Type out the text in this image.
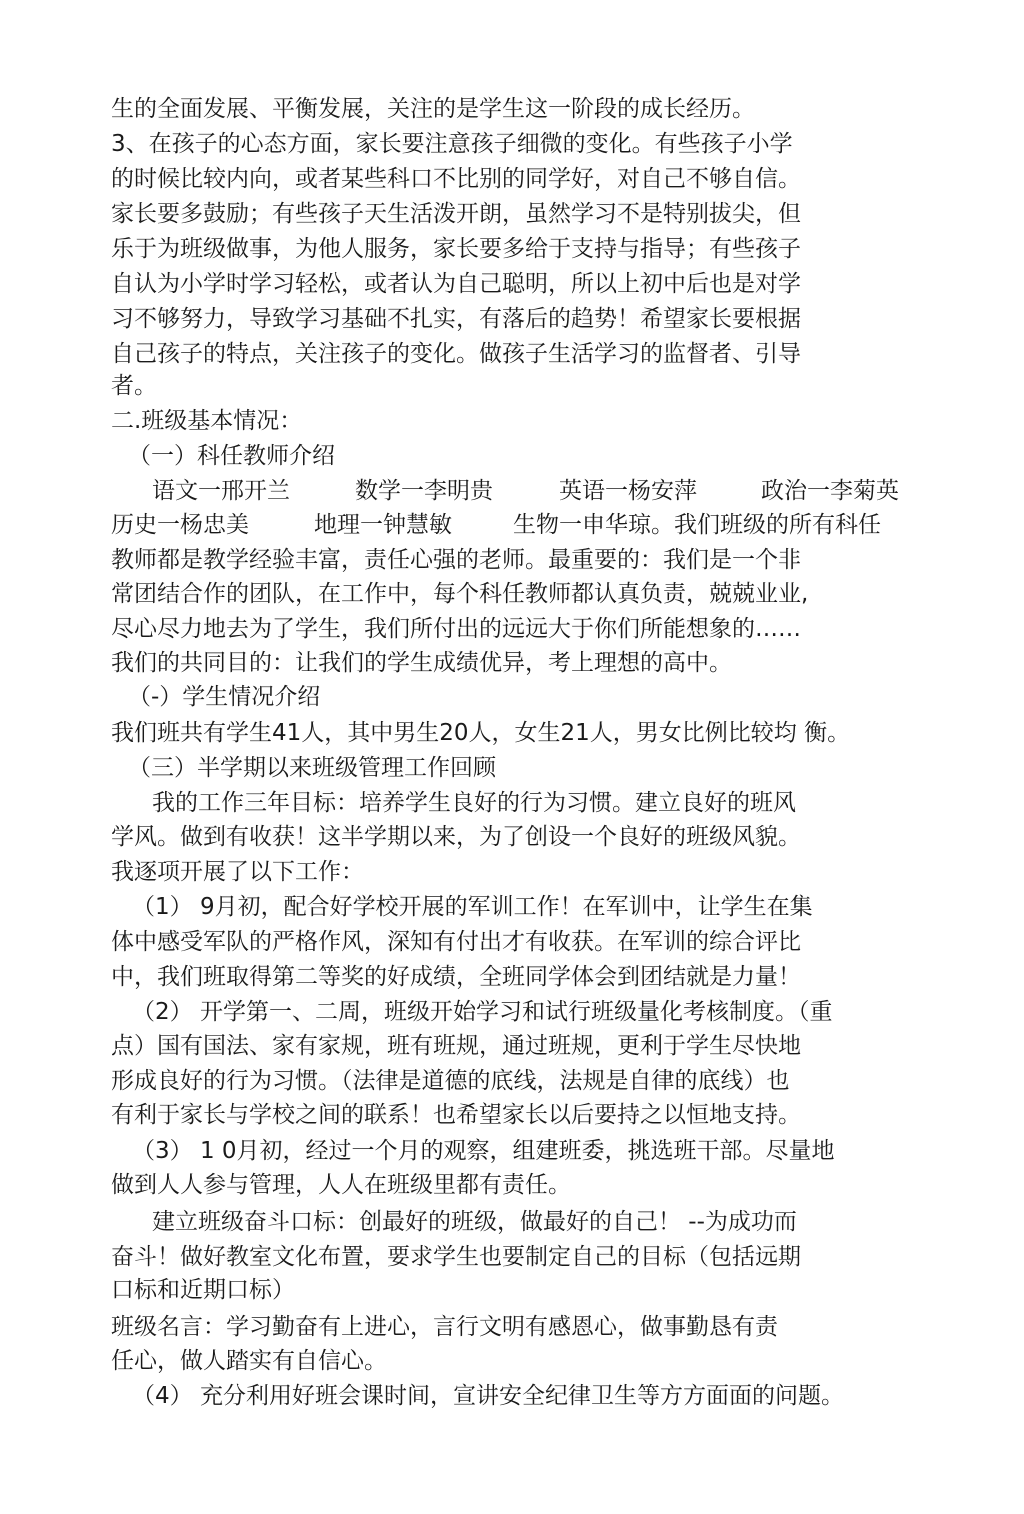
生的全面发展、平衡发展，关注的是学生这一阶段的成长经历。
3、在孩子的心态方面，家长要注意孩子细微的变化。有些孩子小学
的时候比较内向，或者某些科口不比别的同学好，对自己不够自信。
家长要多鼓励；有些孩子天生活泼开朗，虽然学习不是特别拔尖，但
乐于为班级做事，为他人服务，家长要多给于支持与指导；有些孩子
自认为小学时学习轻松，或者认为自己聪明，所以上初中后也是对学
习不够努力，导致学习基础不扎实，有落后的趋势！希望家长要根据
自己孩子的特点，关注孩子的变化。做孩子生活学习的监督者、引导
者。
二.班级基本情况：
（一）科任教师介绍
语文一邢开兰	数学一李明贵	英语一杨安萍	政治一李菊英
历史一杨忠美	地理一钟慧敏	生物一申华琼。我们班级的所有科任
教师都是教学经验丰富，责任心强的老师。最重要的：我们是一个非
常团结合作的团队，在工作中，每个科任教师都认真负责，兢兢业业,
尽心尽力地去为了学生，我们所付出的远远大于你们所能想象的……
我们的共同目的：让我们的学生成绩优异，考上理想的高中。
（-）学生情况介绍
我们班共有学生41人，其中男生20人，女生21人，男女比例比较均 衡。
（三）半学期以来班级管理工作回顾
我的工作三年目标：培养学生良好的行为习惯。建立良好的班风
学风。做到有收获！这半学期以来，为了创设一个良好的班级风貌。
我逐项开展了以下工作：
（1） 9月初，配合好学校开展的军训工作！在军训中，让学生在集
体中感受军队的严格作风，深知有付出才有收获。在军训的综合评比
中，我们班取得第二等奖的好成绩，全班同学体会到团结就是力量！
（2） 开学第一、二周，班级开始学习和试行班级量化考核制度。（重
点）国有国法、家有家规，班有班规，通过班规，更利于学生尽快地
形成良好的行为习惯。（法律是道德的底线，法规是自律的底线）也
有利于家长与学校之间的联系！也希望家长以后要持之以恒地支持。
（3） 1 0月初，经过一个月的观察，组建班委，挑选班干部。尽量地
做到人人参与管理，人人在班级里都有责任。
建立班级奋斗口标：创最好的班级，做最好的自己！ --为成功而
奋斗！做好教室文化布置，要求学生也要制定自己的目标（包括远期
口标和近期口标）
班级名言：学习勤奋有上进心，言行文明有感恩心，做事勤恳有责
任心，做人踏实有自信心。
（4） 充分利用好班会课时间，宣讲安全纪律卫生等方方面面的问题。
